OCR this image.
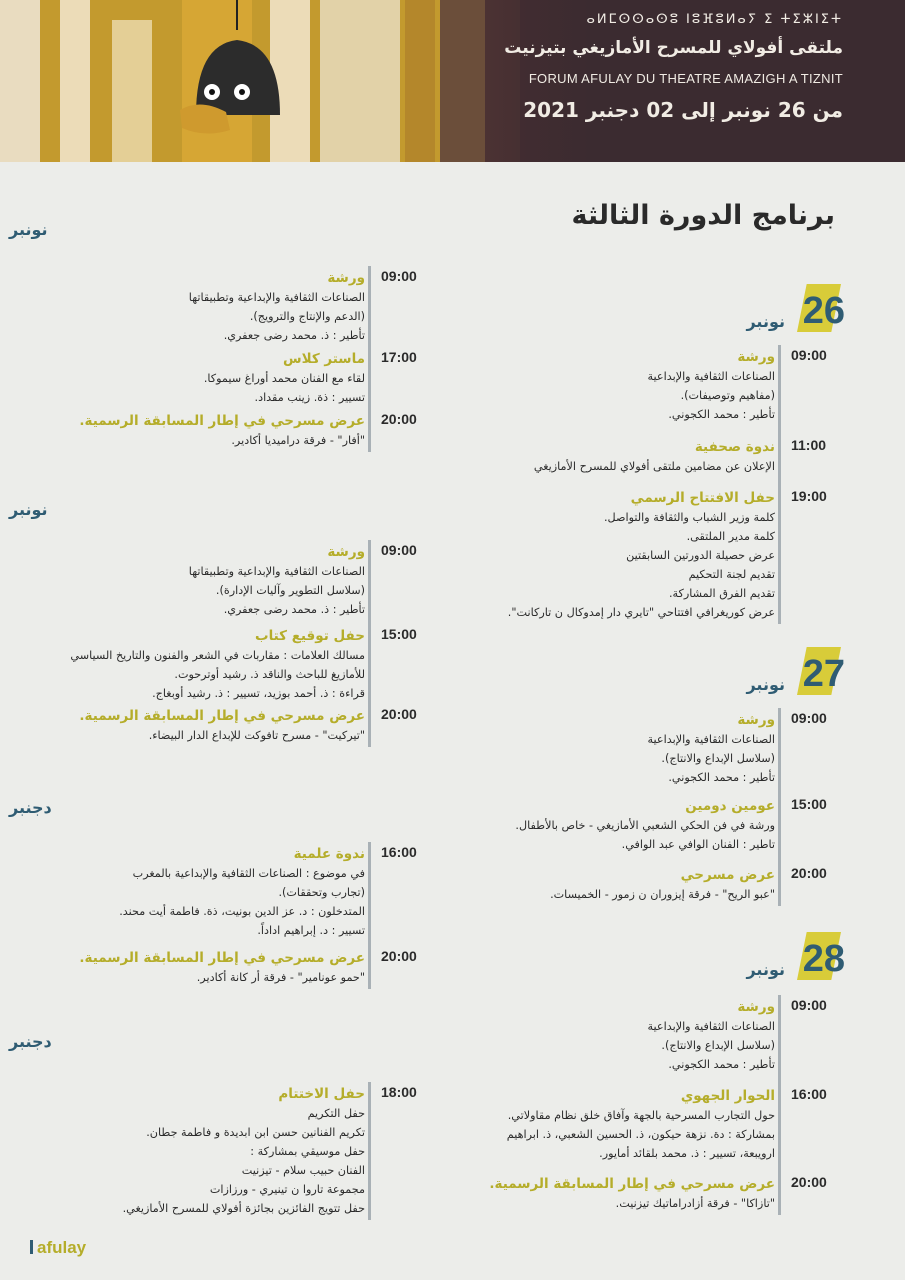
ⴰⵍⵎⵙⵙⴰⵙⵓ ⵏⵓⴼⵓⵍⴰⵢ ⵉ ⵜⵉⵣⵏⵉⵜ
ملتقى أفولاي للمسرح الأمازيغي بتيزنيت
FORUM AFULAY DU THEATRE AMAZIGH A TIZNIT
من 26 نونبر إلى 02 دجنبر 2021
برنامج الدورة الثالثة
26
نونبر
09:00
ورشة
الصناعات الثقافية والإبداعية
(مفاهيم وتوصيفات).
تأطير : محمد الكجوني.
11:00
ندوة صحفية
الإعلان عن مضامين ملتقى أفولاي للمسرح الأمازيغي
19:00
حفل الافتتاح الرسمي
كلمة وزير الشباب والثقافة والتواصل.
كلمة مدير الملتقى.
عرض حصيلة الدورتين السابقتين
تقديم لجنة التحكيم
تقديم الفرق المشاركة.
عرض كوريغرافي افتتاحي "تايري دار إمدوكال ن تاركانت".
27
نونبر
09:00
ورشة
الصناعات الثقافية والإبداعية
(سلاسل الإبداع والانتاج).
تأطير : محمد الكجوني.
15:00
عومين دومين
ورشة في فن الحكي الشعبي الأمازيغي - خاص بالأطفال.
تاطير : الفنان الوافي عبد الوافي.
20:00
عرض مسرحي
"عبو الريح" - فرقة إيزوران ن زمور - الخميسات.
28
نونبر
09:00
ورشة
الصناعات الثقافية والإبداعية
(سلاسل الإبداع والانتاج).
تأطير : محمد الكجوني.
16:00
الحوار الجهوي
حول التجارب المسرحية بالجهة وآفاق خلق نظام مقاولاتي.
بمشاركة : دة. نزهة حيكون، ذ. الحسين الشعبي، ذ. ابراهيم
ارويبعة، تسيير : ذ. محمد بلقائد أمايور.
20:00
عرض مسرحي في إطار المسابقة الرسمية.
"تازاكا" - فرقة أزادراماتيك تيزنيت.
نونبر
09:00
ورشة
الصناعات الثقافية والإبداعية وتطبيقاتها
(الدعم والإنتاج والترويج).
تأطير : ذ. محمد رضى جعفري.
17:00
ماستر كلاس
لقاء مع الفنان محمد أوراغ سيموكا.
تسيير : ذة. زينب مقداد.
20:00
عرض مسرحي في إطار المسابقة الرسمية.
"أفار" - فرقة دراميديا أكادير.
نونبر
09:00
ورشة
الصناعات الثقافية والإبداعية وتطبيقاتها
(سلاسل التطوير وآليات الإدارة).
تأطير : ذ. محمد رضى جعفري.
15:00
حفل توقيع كتاب
مسالك العلامات : مقاربات في الشعر والفنون والتاريخ السياسي
للأمازيغ للباحث والناقد ذ. رشيد أوترحوت.
قراءة : ذ. أحمد بوزيد، تسيير : ذ. رشيد أوبغاج.
20:00
عرض مسرحي في إطار المسابقة الرسمية.
"تيركيت" - مسرح تافوكت للإبداع الدار البيضاء.
دجنبر
16:00
ندوة علمية
في موضوع : الصناعات الثقافية والإبداعية بالمغرب
(تجارب وتحققات).
المتدخلون : د. عز الدين بونيت، ذة. فاطمة أيت محند.
تسيير : د. إبراهيم اداداً.
20:00
عرض مسرحي في إطار المسابقة الرسمية.
"حمو عونامير" - فرقة أر كانة أكادير.
دجنبر
18:00
حفل الاختتام
حفل التكريم
تكريم الفنانين حسن ابن ابديدة و فاطمة جطان.
حفل موسيقي بمشاركة :
الفنان حبيب سلام - تيزنيت
مجموعة تاروا ن تينيري - ورزازات
حفل تتويج الفائزين بجائزة أفولاي للمسرح الأمازيغي.
afulay
